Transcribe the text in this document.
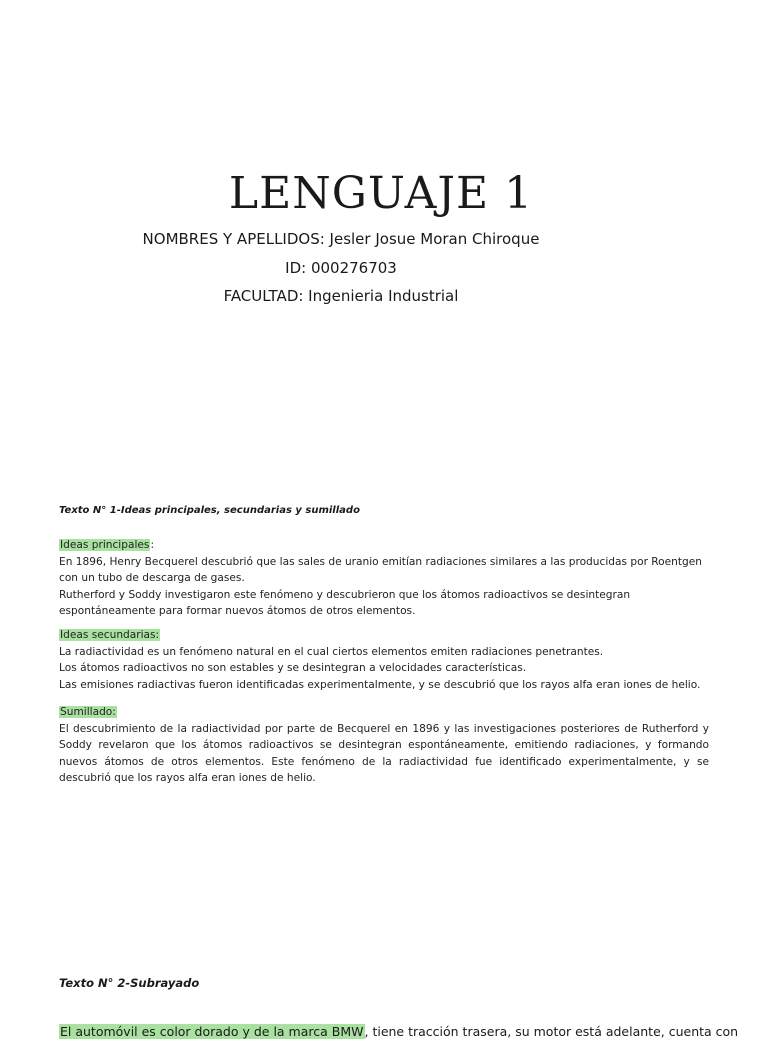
LENGUAJE 1

NOMBRES Y APELLIDOS: Jesler Josue Moran Chiroque

ID: 000276703

FACULTAD: Ingenieria Industrial

Texto N° 1-Ideas principales, secundarias y sumillado

Ideas principales:

En 1896, Henry Becquerel descubrió que las sales de uranio emitían radiaciones similares a las producidas por Roentgen con un tubo de descarga de gases.

Rutherford y Soddy investigaron este fenómeno y descubrieron que los átomos radioactivos se desintegran espontáneamente para formar nuevos átomos de otros elementos.

Ideas secundarias:

La radiactividad es un fenómeno natural en el cual ciertos elementos emiten radiaciones penetrantes.

Los átomos radioactivos no son estables y se desintegran a velocidades características.

Las emisiones radiactivas fueron identificadas experimentalmente, y se descubrió que los rayos alfa eran iones de helio.

Sumillado:

El descubrimiento de la radiactividad por parte de Becquerel en 1896 y las investigaciones posteriores de Rutherford y Soddy revelaron que los átomos radioactivos se desintegran espontáneamente, emitiendo radiaciones, y formando nuevos átomos de otros elementos. Este fenómeno de la radiactividad fue identificado experimentalmente, y se descubrió que los rayos alfa eran iones de helio.

Texto N° 2-Subrayado

El automóvil es color dorado y de la marca BMW, tiene tracción trasera, su motor está adelante, cuenta con
